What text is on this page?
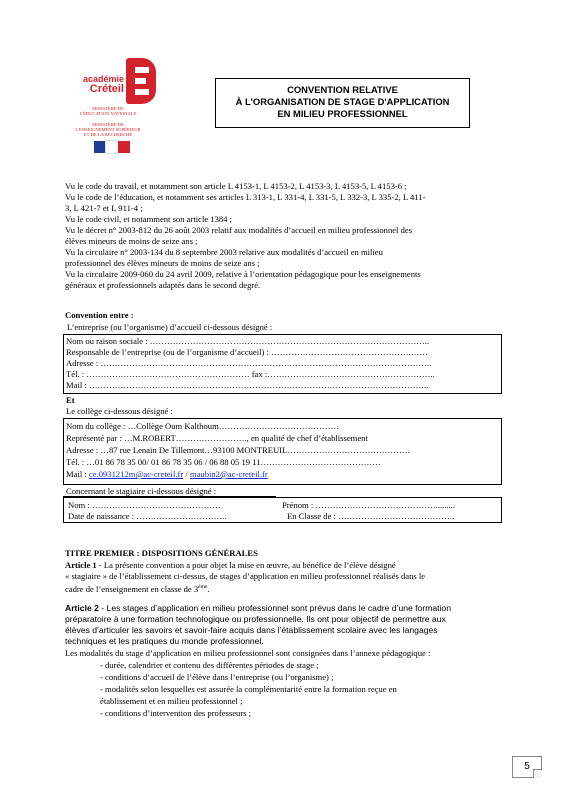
académie
Créteil
MINISTÈRE DE
L'ÉDUCATION NATIONALE
MINISTÈRE DE
L'ENSEIGNEMENT SUPÉRIEUR
ET DE LA RECHERCHE
CONVENTION RELATIVE
À L'ORGANISATION DE STAGE D'APPLICATION
EN MILIEU PROFESSIONNEL
Vu le code du travail, et notamment son article L 4153-1, L 4153-2, L 4153-3, L 4153-5, L 4153-6 ;
Vu le code de l’éducation, et notamment ses articles L 313-1, L 331-4, L 331-5, L 332-3, L 335-2, L 411-
3, L 421-7 et L 911-4 ;
Vu le code civil, et notamment son article 1384 ;
Vu le décret n° 2003-812 du 26 août 2003 relatif aux modalités d’accueil en milieu professionnel des
élèves mineurs de moins de seize ans ;
Vu la circulaire n° 2003-134 du 8 septembre 2003 relative aux modalités d’accueil en milieu
professionnel des élèves mineurs de moins de seize ans ;
Vu la circulaire 2009-060 du 24 avril 2009, relative à l’orientation pédagogique pour les enseignements
généraux et professionnels adaptés dans le second degré.
Convention entre :
L’entreprise (ou l’organisme) d’accueil ci-dessous désigné :
Nom ou raison sociale : ……………………………………………………………………………………..
Responsable de l’entreprise (ou de l’organisme d’accueil) : ………………………………………….……
Adresse : ……………………………………………………………………………………………………..
Tél. : ………………………………………………… fax :…………………………………………………..
Mail : ………………………………………………………………………………………………………..
Et
Le collège ci-dessous désigné :
Nom du collège : …Collège Oum Kalthoum……………………………………
Représenté par : …M.ROBERT……………………., en qualité de chef d’établissement
Adresse : …87 rue Lenain De Tillemont…93100 MONTREUIL…………………………………….
Tél. : …01 86 78 35 00/ 01 86 78 35 06 / 06 88 05 19 11……………………………………
Mail : ce.0931212m@ac-creteil.fr / maubin2@ac-creteil.fr
Concernant le stagiaire ci-dessous désigné :
Nom : ………………………………………	Prénom : …………………………………….........
Date de naissance : …………………………..	En Classe de : …………………………………..
TITRE PREMIER : DISPOSITIONS GÉNÉRALES
Article 1 - La présente convention a pour objet la mise en œuvre, au bénéfice de l’élève désigné
« stagiaire » de l’établissement ci-dessus, de stages d’application en milieu professionnel réalisés dans le
cadre de l’enseignement en classe de 3ème.
Article 2 - Les stages d’application en milieu professionnel sont prévus dans le cadre d’une formation
préparatoire à une formation technologique ou professionnelle. Ils ont pour objectif de permettre aux
élèves d’articuler les savoirs et savoir-faire acquis dans l’établissement scolaire avec les langages
techniques et les pratiques du monde professionnel.
Les modalités du stage d’application en milieu professionnel sont consignées dans l’annexe pédagogique :
- durée, calendrier et contenu des différentes périodes de stage ;
- conditions d’accueil de l’élève dans l’entreprise (ou l’organisme) ;
- modalités selon lesquelles est assurée la complémentarité entre la formation reçue en
établissement et en milieu professionnel ;
- conditions d’intervention des professeurs ;
5
